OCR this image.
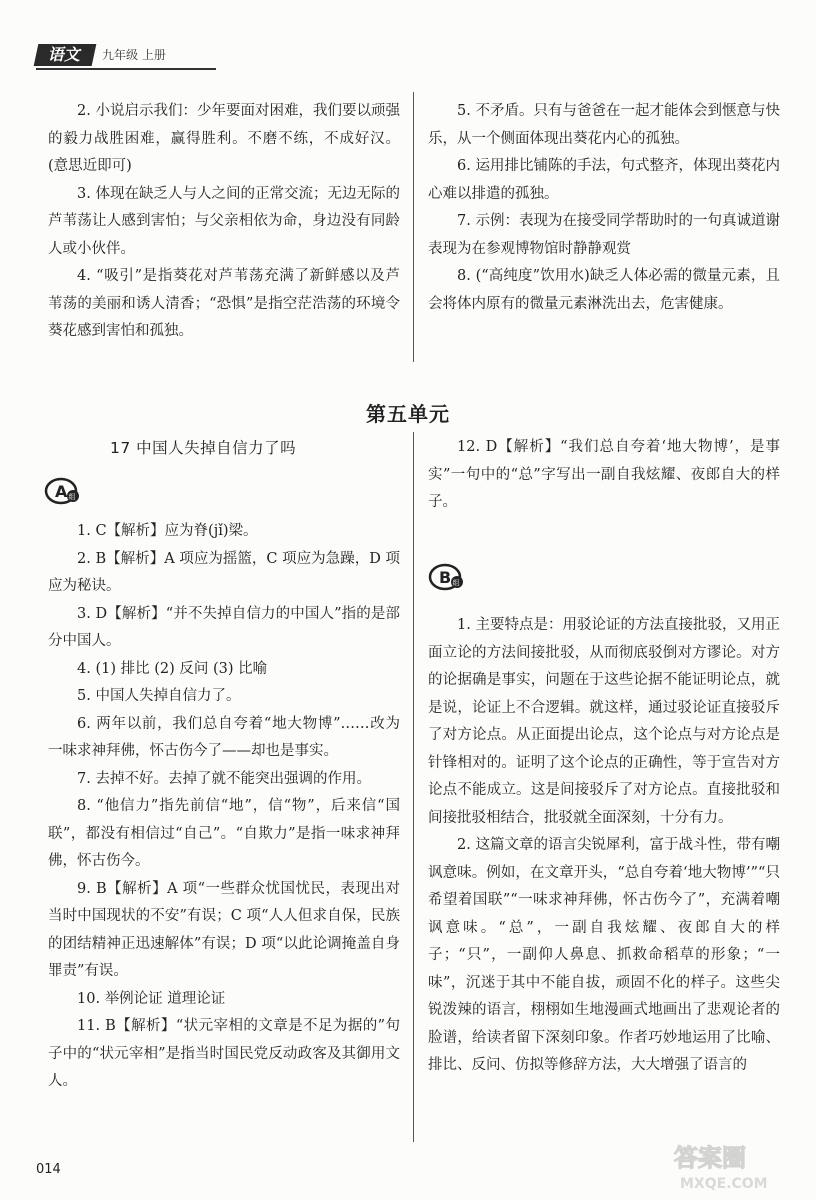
语文	九年级 上册

2. 小说启示我们：少年要面对困难，我们要以顽强的毅力战胜困难，赢得胜利。不磨不练，不成好汉。(意思近即可)

3. 体现在缺乏人与人之间的正常交流；无边无际的芦苇荡让人感到害怕；与父亲相依为命，身边没有同龄人或小伙伴。

4. “吸引”是指葵花对芦苇荡充满了新鲜感以及芦苇荡的美丽和诱人清香；“恐惧”是指空茫浩荡的环境令葵花感到害怕和孤独。

5. 不矛盾。只有与爸爸在一起才能体会到惬意与快乐，从一个侧面体现出葵花内心的孤独。

6. 运用排比铺陈的手法，句式整齐，体现出葵花内心难以排遣的孤独。

7. 示例：表现为在接受同学帮助时的一句真诚道谢 表现为在参观博物馆时静静观赏

8. (“高纯度”饮用水)缺乏人体必需的微量元素，且会将体内原有的微量元素淋洗出去，危害健康。

第五单元
17 中国人失掉自信力了吗
A 组

1. C【解析】应为脊(jǐ)梁。

2. B【解析】A 项应为摇篮，C 项应为急躁，D 项应为秘诀。

3. D【解析】“并不失掉自信力的中国人”指的是部分中国人。

4. (1) 排比 (2) 反问 (3) 比喻

5. 中国人失掉自信力了。

6. 两年以前，我们总自夸着“地大物博”……改为一味求神拜佛，怀古伤今了——却也是事实。

7. 去掉不好。去掉了就不能突出强调的作用。

8. “他信力”指先前信“地”，信“物”，后来信“国联”，都没有相信过“自己”。“自欺力”是指一味求神拜佛，怀古伤今。

9. B【解析】A 项“一些群众忧国忧民，表现出对当时中国现状的不安”有误；C 项“人人但求自保，民族的团结精神正迅速解体”有误；D 项“以此论调掩盖自身罪责”有误。

10. 举例论证 道理论证

11. B【解析】“状元宰相的文章是不足为据的”句子中的“状元宰相”是指当时国民党反动政客及其御用文人。

12. D【解析】“我们总自夸着‘地大物博’，是事实”一句中的“总”字写出一副自我炫耀、夜郎自大的样子。

B 组

1. 主要特点是：用驳论证的方法直接批驳，又用正面立论的方法间接批驳，从而彻底驳倒对方谬论。对方的论据确是事实，问题在于这些论据不能证明论点，就是说，论证上不合逻辑。就这样，通过驳论证直接驳斥了对方论点。从正面提出论点，这个论点与对方论点是针锋相对的。证明了这个论点的正确性，等于宣告对方论点不能成立。这是间接驳斥了对方论点。直接批驳和间接批驳相结合，批驳就全面深刻，十分有力。

2. 这篇文章的语言尖锐犀利，富于战斗性，带有嘲讽意味。例如，在文章开头，“总自夸着‘地大物博’”“只希望着国联”“一味求神拜佛，怀古伤今了”，充满着嘲讽意味。“总”，一副自我炫耀、夜郎自大的样子；“只”，一副仰人鼻息、抓救命稻草的形象；“一味”，沉迷于其中不能自拔，顽固不化的样子。这些尖锐泼辣的语言，栩栩如生地漫画式地画出了悲观论者的脸谱，给读者留下深刻印象。作者巧妙地运用了比喻、排比、反问、仿拟等修辞方法，大大增强了语言的

014	答案圈
MXQE.COM
